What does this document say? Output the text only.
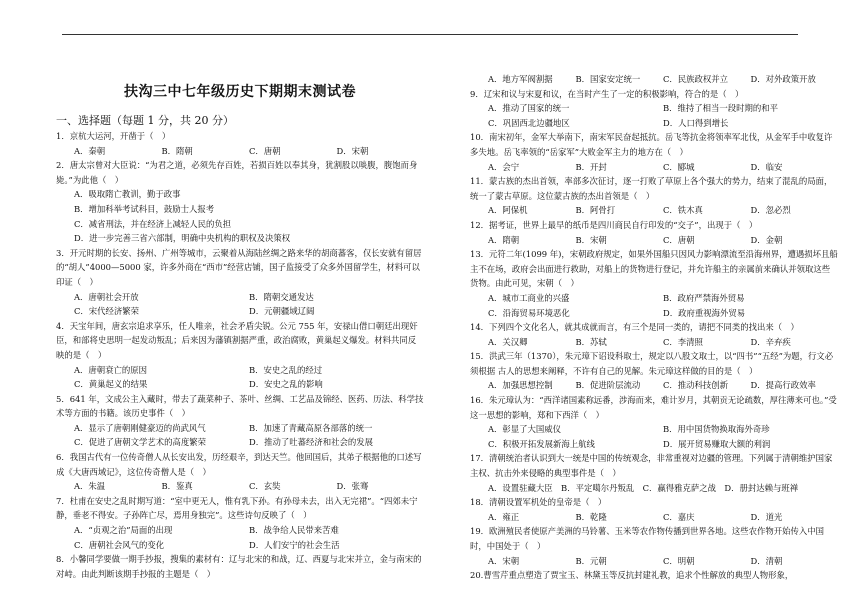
扶沟三中七年级历史下期期末测试卷
一、选择题（每题 1 分，共 20 分）
1．京杭大运河，开凿于（　）
A．秦朝	B．隋朝	C．唐朝	D．宋朝
2．唐太宗曾对大臣说：“为君之道，必须先存百姓，若损百姓以奉其身，犹割股以啖腹，腹饱而身毙。”为此他（　）
A．吸取隋亡教训，勤于政事
B．增加科举考试科目，鼓励士人报考
C．减省刑法，并在经济上减轻人民的负担
D．进一步完善三省六部制，明确中央机构的职权及决策权
3．开元时期的长安、扬州、广州等城市，云聚着从海陆丝绸之路来华的胡商蕃客，仅长安就有留居的“胡人”4000—5000 家，许多外商在“西市”经营店铺，国子监接受了众多外国留学生，材料可以印证（　）
A．唐朝社会开放	B．隋朝交通发达
C．宋代经济繁荣	D．元朝疆域辽阔
4．天宝年间，唐玄宗追求享乐，任人唯亲，社会矛盾尖锐。公元 755 年，安禄山借口朝廷出现奸臣，和部将史思明一起发动叛乱；后来因为藩镇割据严重，政治腐败，黄巢起义爆发。材料共同反映的是（　）
A．唐朝衰亡的原因	B．安史之乱的经过
C．黄巢起义的结果	D．安史之乱的影响
5．641 年，文成公主入藏时，带去了蔬菜种子、茶叶、丝绸、工艺品及锦经、医药、历法、科学技术等方面的书籍。该历史事件（　）
A．显示了唐朝刚健豪迈的尚武风气	B．加速了青藏高原各部落的统一
C．促进了唐朝文学艺术的高度繁荣	D．推动了吐蕃经济和社会的发展
6．我国古代有一位传奇僧人从长安出发，历经艰辛，到达天竺。他回国后，其弟子根据他的口述写成《大唐西域记》，这位传奇僧人是（　）
A．朱温	B．鉴真	C．玄奘	D．张骞
7．杜甫在安史之乱时期写道：“室中更无人，惟有乳下孙。有孙母未去，出入无完裙”。“四郊未宁静，垂老不得安。子孙阵亡尽，焉用身独完”。这些诗句反映了（　）
A．“贞观之治”局面的出现	B．战争给人民带来苦难
C．唐朝社会风气的变化	D．人们安宁的社会生活
8．小馨同学要做一期手抄报，搜集的素材有：辽与北宋的和战，辽、西夏与北宋并立，金与南宋的对峙。由此判断该期手抄报的主题是（　）
A．地方军阀割据	B．国家安定统一	C．民族政权并立	D．对外政策开放
9．辽宋和议与宋夏和议，在当时产生了一定的积极影响，符合的是（　）
A．推动了国家的统一	B．维持了相当一段时期的和平
C．巩固西北边疆地区	D．人口得到增长
10．南宋初年，金军大举南下，南宋军民奋起抵抗。岳飞等抗金将领率军北伐，从金军手中收复许多失地。岳飞率领的“岳家军”大败金军主力的地方在（　）
A．会宁	B．开封	C．郾城	D．临安
11．蒙古族的杰出首领，率部多次征讨，逐一打败了草原上各个强大的势力，结束了混乱的局面，统一了蒙古草原。这位蒙古族的杰出首领是（　）
A．阿保机	B．阿骨打	C．铁木真	D．忽必烈
12．据考证，世界上最早的纸币是四川商民自行印发的“交子”，出现于（　）
A．隋朝	B．宋朝	C．唐朝	D．金朝
13．元符二年(1099 年)，宋朝政府规定，如果外国船只因风力影响漂流至沿海州界，遭遇损坏且船主不在场，政府会出面进行救助，对船上的货物进行登记，并允许船主的亲属前来确认并领取这些货物。由此可见，宋朝（　）
A．城市工商业的兴盛	B．政府严禁海外贸易
C．沿海贸易环境恶化	D．政府重视海外贸易
14．下列四个文化名人，就其成就而言，有三个是同一类的，请把不同类的找出来（　）
A．关汉卿	B．苏轼	C．李清照	D．辛弃疾
15．洪武三年（1370），朱元璋下诏设科取士，规定以八股文取士，以“四书”“五经”为题，行文必须根据 古人的思想来阐释，不许有自己的见解。朱元璋这样做的目的是（　）
A．加强思想控制	B．促进阶层流动	C．推动科技创新	D．提高行政效率
16．朱元璋认为：“西洋诸国素称远番，涉海而来，难计岁月，其朝贡无论疏数，厚往薄来可也。”受这一思想的影响，郑和下西洋（　）
A．彰显了大国威仪	B．用中国货物换取海外奇珍
C．积极开拓发展新海上航线	D．展开贸易赚取大额的利润
17．清朝统治者认识到大一统是中国的传统观念，非常重视对边疆的管理。下列属于清朝维护国家主权、抗击外来侵略的典型事件是（　）
A．设置驻藏大臣　B．平定噶尔丹叛乱　C．赢得雅克萨之战　D．册封达赖与班禅
18．清朝设置军机处的皇帝是（　）
A．雍正	B．乾隆	C．嘉庆	D．道光
19．欧洲殖民者使原产美洲的马铃薯、玉米等农作物传播到世界各地。这些农作物开始传入中国时，中国处于（　）
A．宋朝	B．元朝	C．明朝	D．清朝
20.曹雪芹重点塑造了贾宝玉、林黛玉等反抗封建礼教，追求个性解放的典型人物形象，
